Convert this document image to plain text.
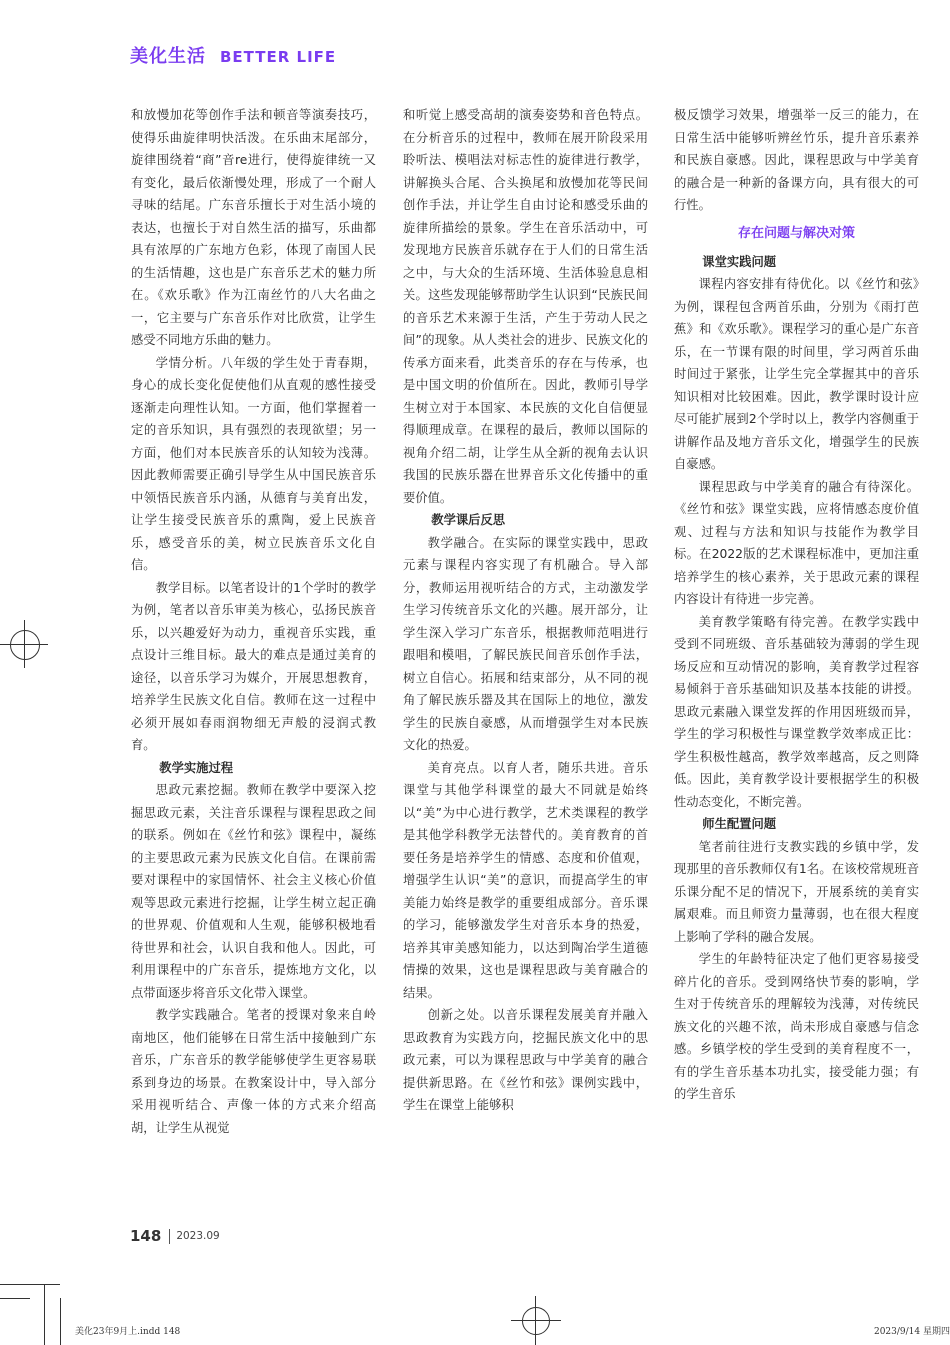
美化生活 BETTER LIFE

和放慢加花等创作手法和顿音等演奏技巧，使得乐曲旋律明快活泼。在乐曲末尾部分，旋律围绕着“商”音re进行，使得旋律统一又有变化，最后依渐慢处理，形成了一个耐人寻味的结尾。广东音乐擅长于对生活小境的表达，也擅长于对自然生活的描写，乐曲都具有浓厚的广东地方色彩，体现了南国人民的生活情趣，这也是广东音乐艺术的魅力所在。《欢乐歌》作为江南丝竹的八大名曲之一，它主要与广东音乐作对比欣赏，让学生感受不同地方乐曲的魅力。

学情分析。八年级的学生处于青春期，身心的成长变化促使他们从直观的感性接受逐渐走向理性认知。一方面，他们掌握着一定的音乐知识，具有强烈的表现欲望；另一方面，他们对本民族音乐的认知较为浅薄。因此教师需要正确引导学生从中国民族音乐中领悟民族音乐内涵，从德育与美育出发，让学生接受民族音乐的熏陶，爱上民族音乐，感受音乐的美，树立民族音乐文化自信。

教学目标。以笔者设计的1个学时的教学为例，笔者以音乐审美为核心，弘扬民族音乐，以兴趣爱好为动力，重视音乐实践，重点设计三维目标。最大的难点是通过美育的途径，以音乐学习为媒介，开展思想教育，培养学生民族文化自信。教师在这一过程中必须开展如春雨润物细无声般的浸润式教育。

教学实施过程

思政元素挖掘。教师在教学中要深入挖掘思政元素，关注音乐课程与课程思政之间的联系。例如在《丝竹和弦》课程中，凝练的主要思政元素为民族文化自信。在课前需要对课程中的家国情怀、社会主义核心价值观等思政元素进行挖掘，让学生树立起正确的世界观、价值观和人生观，能够积极地看待世界和社会，认识自我和他人。因此，可利用课程中的广东音乐，提炼地方文化，以点带面逐步将音乐文化带入课堂。

教学实践融合。笔者的授课对象来自岭南地区，他们能够在日常生活中接触到广东音乐，广东音乐的教学能够使学生更容易联系到身边的场景。在教案设计中，导入部分采用视听结合、声像一体的方式来介绍高胡，让学生从视觉

和听觉上感受高胡的演奏姿势和音色特点。在分析音乐的过程中，教师在展开阶段采用聆听法、模唱法对标志性的旋律进行教学，讲解换头合尾、合头换尾和放慢加花等民间创作手法，并让学生自由讨论和感受乐曲的旋律所描绘的景象。学生在音乐活动中，可发现地方民族音乐就存在于人们的日常生活之中，与大众的生活环境、生活体验息息相关。这些发现能够帮助学生认识到“民族民间的音乐艺术来源于生活，产生于劳动人民之间”的现象。从人类社会的进步、民族文化的传承方面来看，此类音乐的存在与传承，也是中国文明的价值所在。因此，教师引导学生树立对于本国家、本民族的文化自信便显得顺理成章。在课程的最后，教师以国际的视角介绍二胡，让学生从全新的视角去认识我国的民族乐器在世界音乐文化传播中的重要价值。

教学课后反思

教学融合。在实际的课堂实践中，思政元素与课程内容实现了有机融合。导入部分，教师运用视听结合的方式，主动激发学生学习传统音乐文化的兴趣。展开部分，让学生深入学习广东音乐，根据教师范唱进行跟唱和模唱，了解民族民间音乐创作手法，树立自信心。拓展和结束部分，从不同的视角了解民族乐器及其在国际上的地位，激发学生的民族自豪感，从而增强学生对本民族文化的热爱。

美育亮点。以育人者，随乐共进。音乐课堂与其他学科课堂的最大不同就是始终以“美”为中心进行教学，艺术类课程的教学是其他学科教学无法替代的。美育教育的首要任务是培养学生的情感、态度和价值观，增强学生认识“美”的意识，而提高学生的审美能力始终是教学的重要组成部分。音乐课的学习，能够激发学生对音乐本身的热爱，培养其审美感知能力，以达到陶冶学生道德情操的效果，这也是课程思政与美育融合的结果。

创新之处。以音乐课程发展美育并融入思政教育为实践方向，挖掘民族文化中的思政元素，可以为课程思政与中学美育的融合提供新思路。在《丝竹和弦》课例实践中，学生在课堂上能够积

极反馈学习效果，增强举一反三的能力，在日常生活中能够听辨丝竹乐，提升音乐素养和民族自豪感。因此，课程思政与中学美育的融合是一种新的备课方向，具有很大的可行性。

存在问题与解决对策
课堂实践问题

课程内容安排有待优化。以《丝竹和弦》为例，课程包含两首乐曲，分别为《雨打芭蕉》和《欢乐歌》。课程学习的重心是广东音乐，在一节课有限的时间里，学习两首乐曲时间过于紧张，让学生完全掌握其中的音乐知识相对比较困难。因此，教学课时设计应尽可能扩展到2个学时以上，教学内容侧重于讲解作品及地方音乐文化，增强学生的民族自豪感。

课程思政与中学美育的融合有待深化。《丝竹和弦》课堂实践，应将情感态度价值观、过程与方法和知识与技能作为教学目标。在2022版的艺术课程标准中，更加注重培养学生的核心素养，关于思政元素的课程内容设计有待进一步完善。

美育教学策略有待完善。在教学实践中受到不同班级、音乐基础较为薄弱的学生现场反应和互动情况的影响，美育教学过程容易倾斜于音乐基础知识及基本技能的讲授。思政元素融入课堂发挥的作用因班级而异，学生的学习积极性与课堂教学效率成正比：学生积极性越高，教学效率越高，反之则降低。因此，美育教学设计要根据学生的积极性动态变化，不断完善。

师生配置问题

笔者前往进行支教实践的乡镇中学，发现那里的音乐教师仅有1名。在该校常规班音乐课分配不足的情况下，开展系统的美育实属艰难。而且师资力量薄弱，也在很大程度上影响了学科的融合发展。

学生的年龄特征决定了他们更容易接受碎片化的音乐。受到网络快节奏的影响，学生对于传统音乐的理解较为浅薄，对传统民族文化的兴趣不浓，尚未形成自豪感与信念感。乡镇学校的学生受到的美育程度不一，有的学生音乐基本功扎实，接受能力强；有的学生音乐

148 2023.09
美化23年9月上.indd 148	2023/9/14 星期四
